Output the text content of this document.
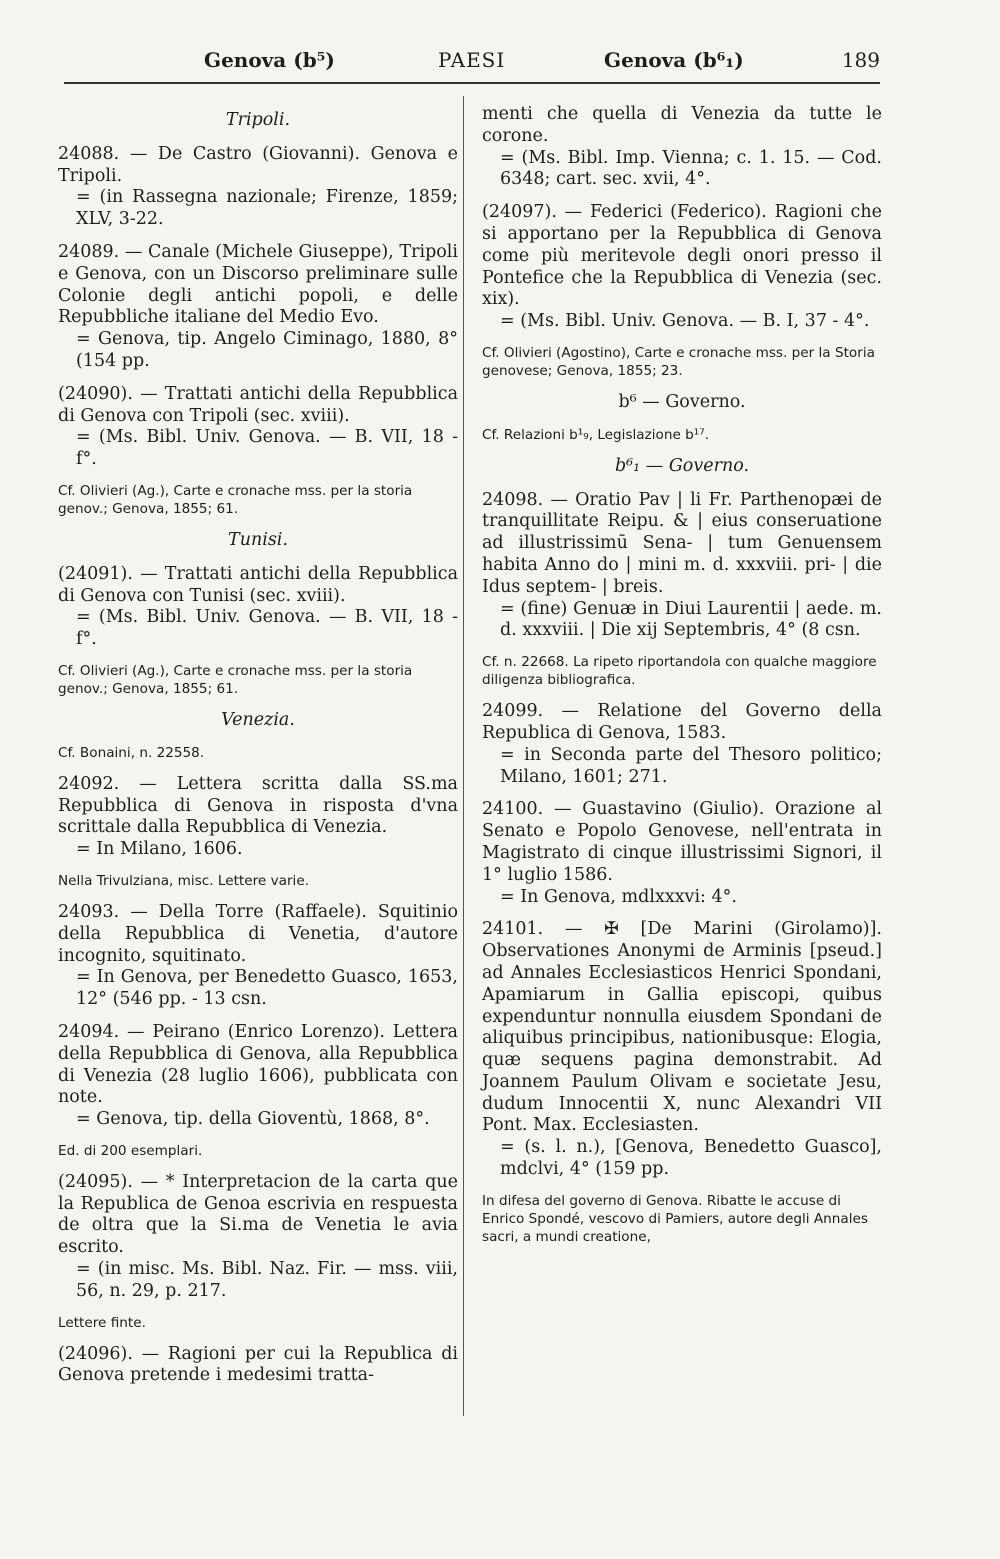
Genova (b⁵)	PAESI	Genova (b⁶₁)	189
Tripoli.
24088. — De Castro (Giovanni). Genova e Tripoli.
= (in Rassegna nazionale; Firenze, 1859; XLV, 3-22.
24089. — Canale (Michele Giuseppe), Tripoli e Genova, con un Discorso preliminare sulle Colonie degli antichi popoli, e delle Repubbliche italiane del Medio Evo.
= Genova, tip. Angelo Ciminago, 1880, 8° (154 pp.
(24090). — Trattati antichi della Repubblica di Genova con Tripoli (sec. xviii).
= (Ms. Bibl. Univ. Genova. — B. VII, 18 - f°.
Cf. Olivieri (Ag.), Carte e cronache mss. per la storia genov.; Genova, 1855; 61.
Tunisi.
(24091). — Trattati antichi della Repubblica di Genova con Tunisi (sec. xviii).
= (Ms. Bibl. Univ. Genova. — B. VII, 18 - f°.
Cf. Olivieri (Ag.), Carte e cronache mss. per la storia genov.; Genova, 1855; 61.
Venezia.
Cf. Bonaini, n. 22558.
24092. — Lettera scritta dalla SS.ma Repubblica di Genova in risposta d'vna scrittale dalla Repubblica di Venezia.
= In Milano, 1606.
Nella Trivulziana, misc. Lettere varie.
24093. — Della Torre (Raffaele). Squitinio della Repubblica di Venetia, d'autore incognito, squitinato.
= In Genova, per Benedetto Guasco, 1653, 12° (546 pp. - 13 csn.
24094. — Peirano (Enrico Lorenzo). Lettera della Repubblica di Genova, alla Repubblica di Venezia (28 luglio 1606), pubblicata con note.
= Genova, tip. della Gioventù, 1868, 8°.
Ed. di 200 esemplari.
(24095). — * Interpretacion de la carta que la Republica de Genoa escrivia en respuesta de oltra que la Si.ma de Venetia le avia escrito.
= (in misc. Ms. Bibl. Naz. Fir. — mss. viii, 56, n. 29, p. 217.
Lettere finte.
(24096). — Ragioni per cui la Republica di Genova pretende i medesimi tratta-
menti che quella di Venezia da tutte le corone.
= (Ms. Bibl. Imp. Vienna; c. 1. 15. — Cod. 6348; cart. sec. xvii, 4°.
(24097). — Federici (Federico). Ragioni che si apportano per la Repubblica di Genova come più meritevole degli onori presso il Pontefice che la Repubblica di Venezia (sec. xix).
= (Ms. Bibl. Univ. Genova. — B. I, 37 - 4°.
Cf. Olivieri (Agostino), Carte e cronache mss. per la Storia genovese; Genova, 1855; 23.
b⁶ — Governo.
Cf. Relazioni b¹₉, Legislazione b¹⁷.
b⁶₁ — Governo.
24098. — Oratio Pav | li Fr. Parthenopæi de tranquillitate Reipu. & | eius conseruatione ad illustrissimū Sena- | tum Genuensem habita Anno do | mini m. d. xxxviii. pri- | die Idus septem- | breis.
= (fine) Genuæ in Diui Laurentii | aede. m. d. xxxviii. | Die xij Septembris, 4° (8 csn.
Cf. n. 22668. La ripeto riportandola con qualche maggiore diligenza bibliografica.
24099. — Relatione del Governo della Republica di Genova, 1583.
= in Seconda parte del Thesoro politico; Milano, 1601; 271.
24100. — Guastavino (Giulio). Orazione al Senato e Popolo Genovese, nell'entrata in Magistrato di cinque illustrissimi Signori, il 1° luglio 1586.
= In Genova, mdlxxxvi: 4°.
24101. — ✠ [De Marini (Girolamo)]. Observationes Anonymi de Arminis [pseud.] ad Annales Ecclesiasticos Henrici Spondani, Apamiarum in Gallia episcopi, quibus expenduntur nonnulla eiusdem Spondani de aliquibus principibus, nationibusque: Elogia, quæ sequens pagina demonstrabit. Ad Joannem Paulum Olivam e societate Jesu, dudum Innocentii X, nunc Alexandri VII Pont. Max. Ecclesiasten.
= (s. l. n.), [Genova, Benedetto Guasco], mdclvi, 4° (159 pp.
In difesa del governo di Genova. Ribatte le accuse di Enrico Spondé, vescovo di Pamiers, autore degli Annales sacri, a mundi creatione,
